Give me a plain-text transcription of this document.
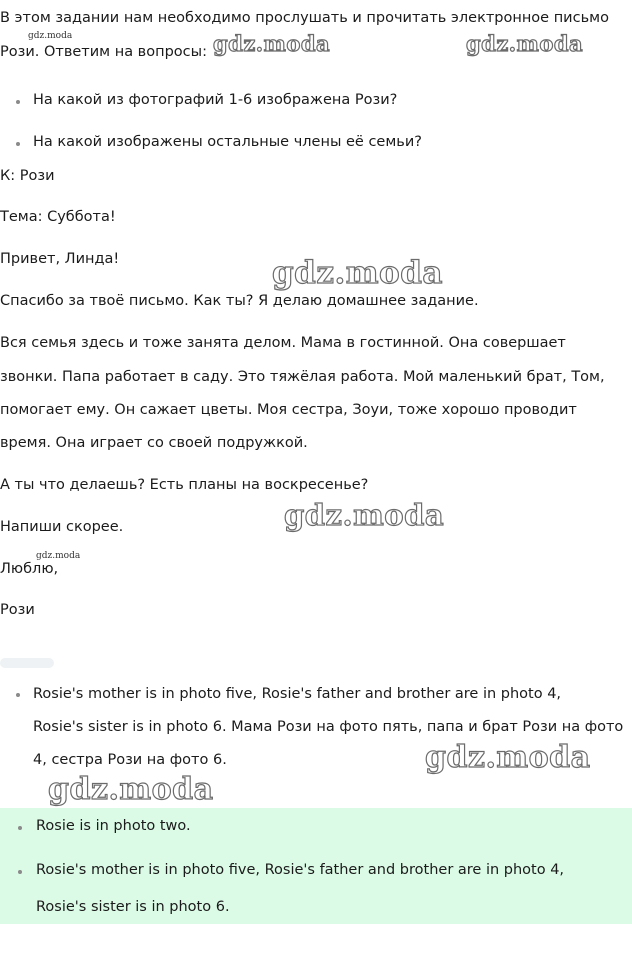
В этом задании нам необходимо прослушать и прочитать электронное письмо

Рози. Ответим на вопросы:

На какой из фотографий 1-6 изображена Рози?

На какой изображены остальные члены её семьи?

К: Рози

Тема: Суббота!

Привет, Линда!

Спасибо за твоё письмо. Как ты? Я делаю домашнее задание.

Вся семья здесь и тоже занята делом. Мама в гостинной. Она совершает

звонки. Папа работает в саду. Это тяжёлая работа. Мой маленький брат, Том,

помогает ему. Он сажает цветы. Моя сестра, Зоуи, тоже хорошо проводит

время. Она играет со своей подружкой.

А ты что делаешь? Есть планы на воскресенье?

Напиши скорее.

Люблю,

Рози

Rosie's mother is in photo five, Rosie's father and brother are in photo 4,

Rosie's sister is in photo 6. Мама Рози на фото пять, папа и брат Рози на фото

4, сестра Рози на фото 6.

Rosie is in photo two.

Rosie's mother is in photo five, Rosie's father and brother are in photo 4,

Rosie's sister is in photo 6.

gdz.moda	gdz.moda	gdz.moda
gdz.moda
gdz.moda
gdz.moda
gdz.moda
gdz.moda
